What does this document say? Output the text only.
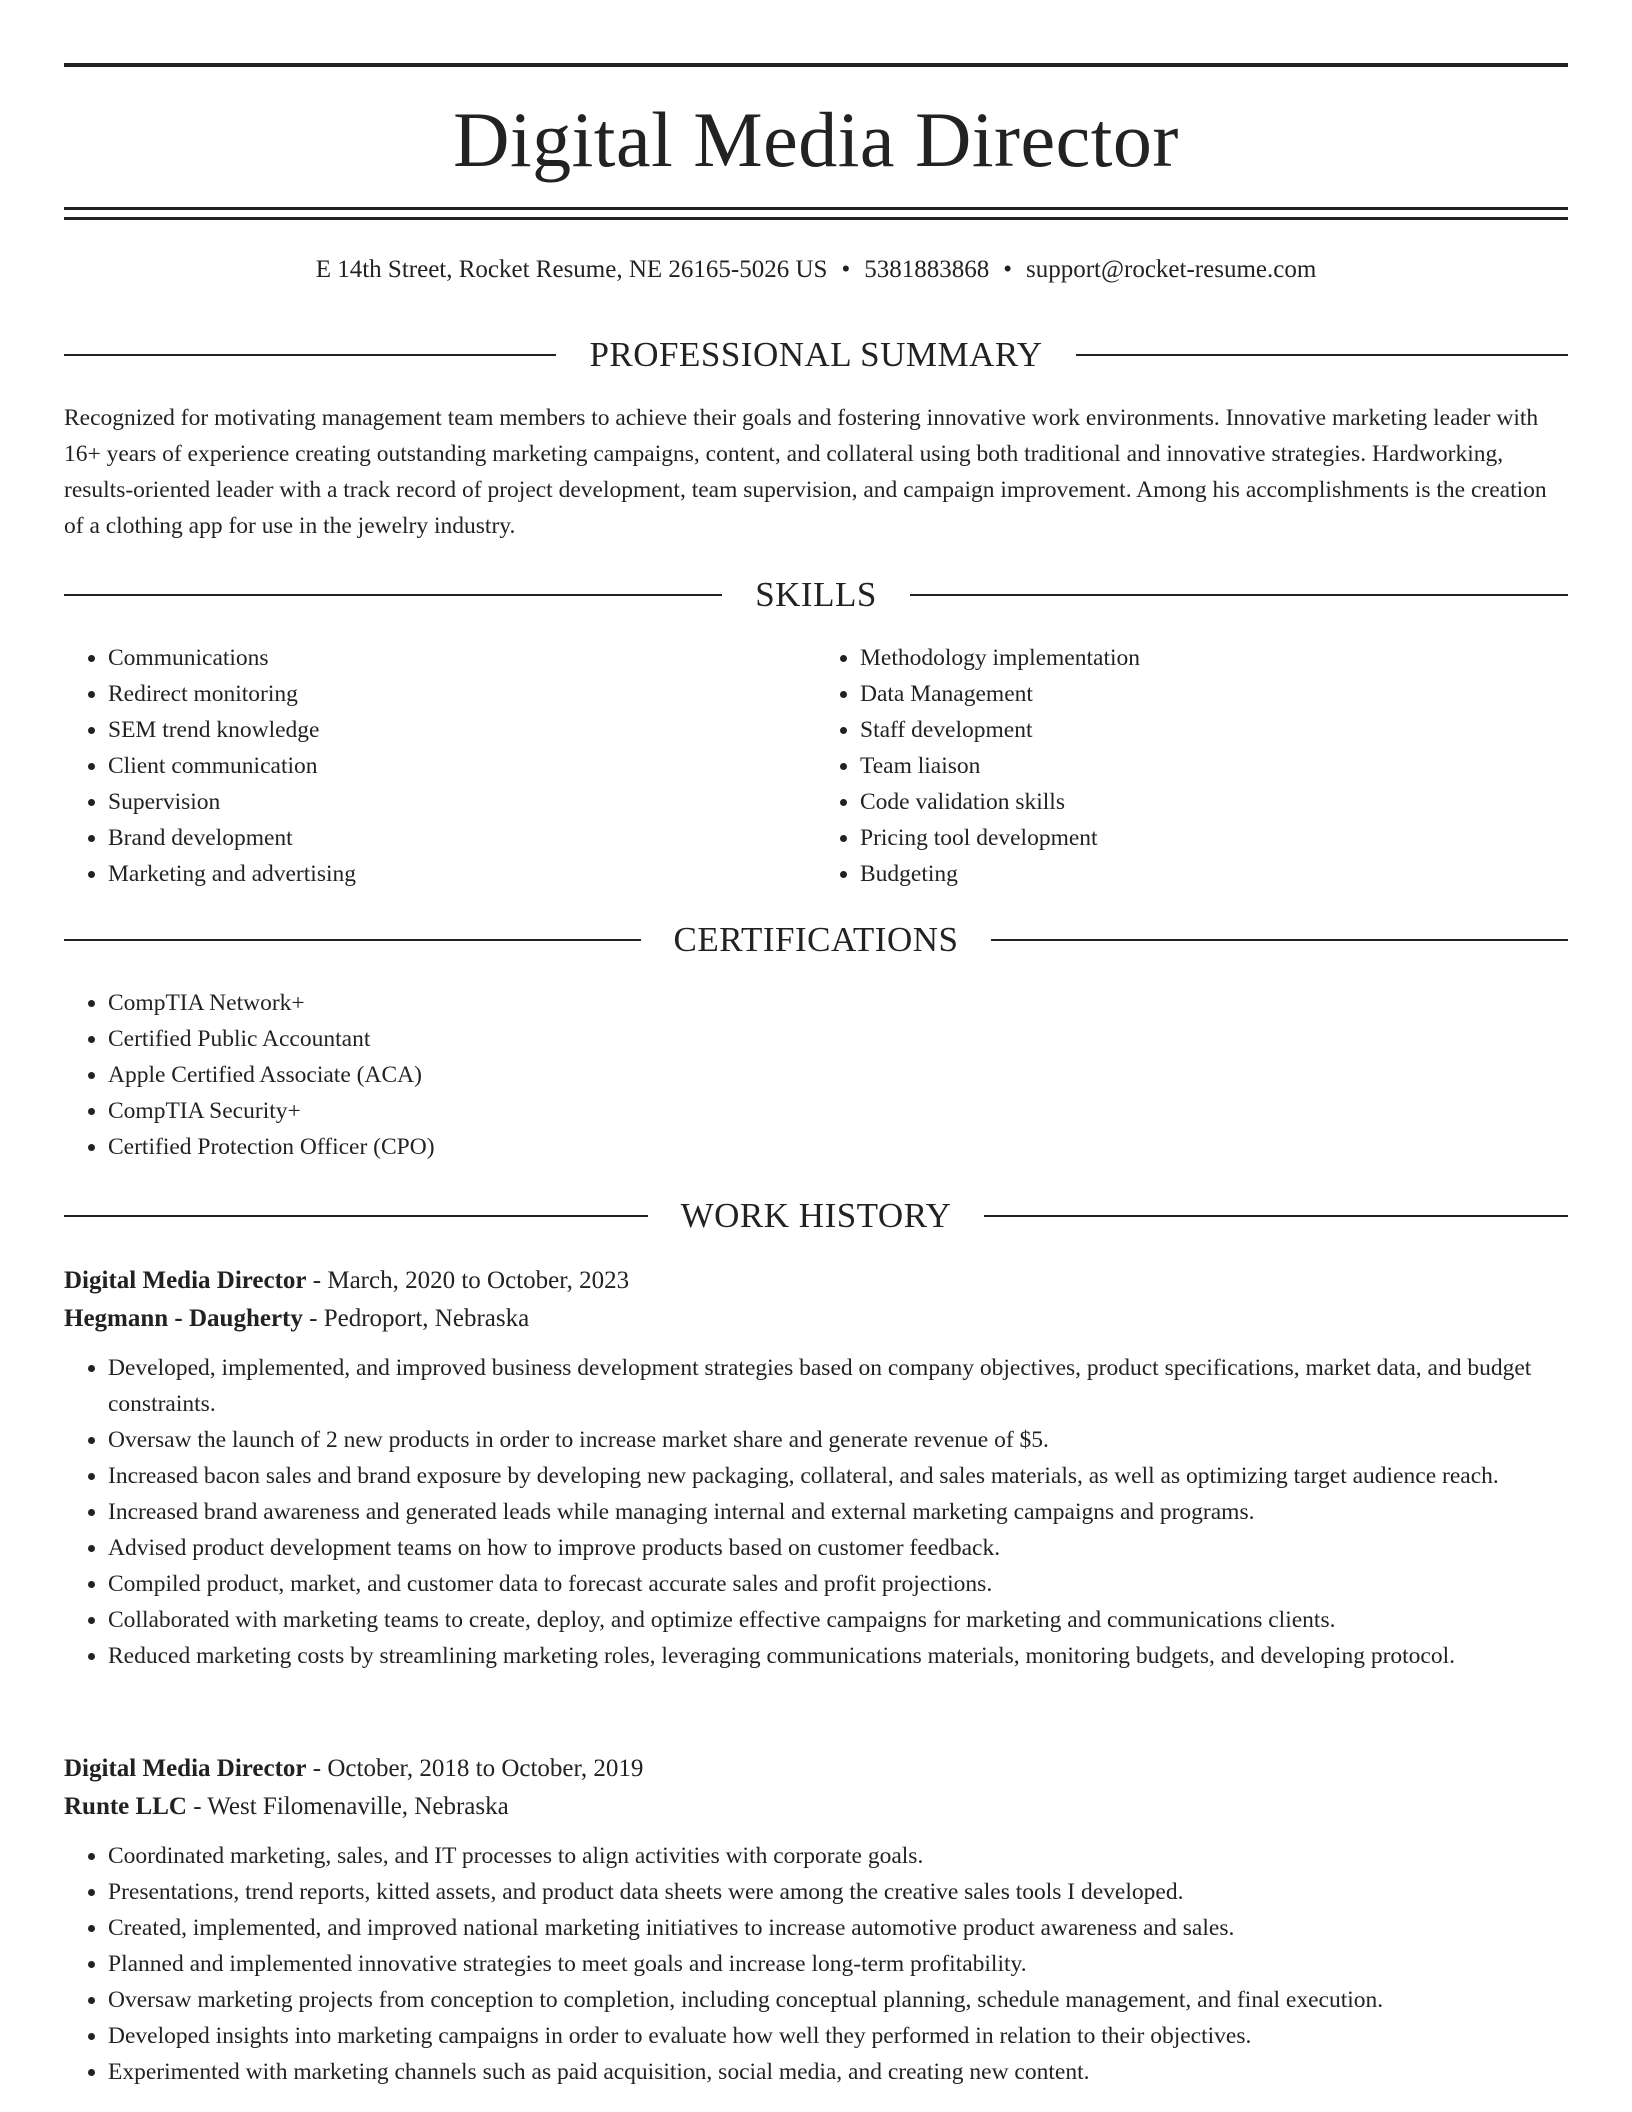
Digital Media Director
E 14th Street, Rocket Resume, NE 26165-5026 US • 5381883868 • support@rocket-resume.com
PROFESSIONAL SUMMARY

Recognized for motivating management team members to achieve their goals and fostering innovative work environments. Innovative marketing leader with 16+ years of experience creating outstanding marketing campaigns, content, and collateral using both traditional and innovative strategies. Hardworking, results-oriented leader with a track record of project development, team supervision, and campaign improvement. Among his accomplishments is the creation of a clothing app for use in the jewelry industry.

SKILLS
• Communications
• Redirect monitoring
• SEM trend knowledge
• Client communication
• Supervision
• Brand development
• Marketing and advertising
• Methodology implementation
• Data Management
• Staff development
• Team liaison
• Code validation skills
• Pricing tool development
• Budgeting
CERTIFICATIONS
• CompTIA Network+
• Certified Public Accountant
• Apple Certified Associate (ACA)
• CompTIA Security+
• Certified Protection Officer (CPO)
WORK HISTORY
Digital Media Director - March, 2020 to October, 2023
Hegmann - Daugherty - Pedroport, Nebraska
• Developed, implemented, and improved business development strategies based on company objectives, product specifications, market data, and budget constraints.
• Oversaw the launch of 2 new products in order to increase market share and generate revenue of $5.
• Increased bacon sales and brand exposure by developing new packaging, collateral, and sales materials, as well as optimizing target audience reach.
• Increased brand awareness and generated leads while managing internal and external marketing campaigns and programs.
• Advised product development teams on how to improve products based on customer feedback.
• Compiled product, market, and customer data to forecast accurate sales and profit projections.
• Collaborated with marketing teams to create, deploy, and optimize effective campaigns for marketing and communications clients.
• Reduced marketing costs by streamlining marketing roles, leveraging communications materials, monitoring budgets, and developing protocol.
Digital Media Director - October, 2018 to October, 2019
Runte LLC - West Filomenaville, Nebraska
• Coordinated marketing, sales, and IT processes to align activities with corporate goals.
• Presentations, trend reports, kitted assets, and product data sheets were among the creative sales tools I developed.
• Created, implemented, and improved national marketing initiatives to increase automotive product awareness and sales.
• Planned and implemented innovative strategies to meet goals and increase long-term profitability.
• Oversaw marketing projects from conception to completion, including conceptual planning, schedule management, and final execution.
• Developed insights into marketing campaigns in order to evaluate how well they performed in relation to their objectives.
• Experimented with marketing channels such as paid acquisition, social media, and creating new content.
